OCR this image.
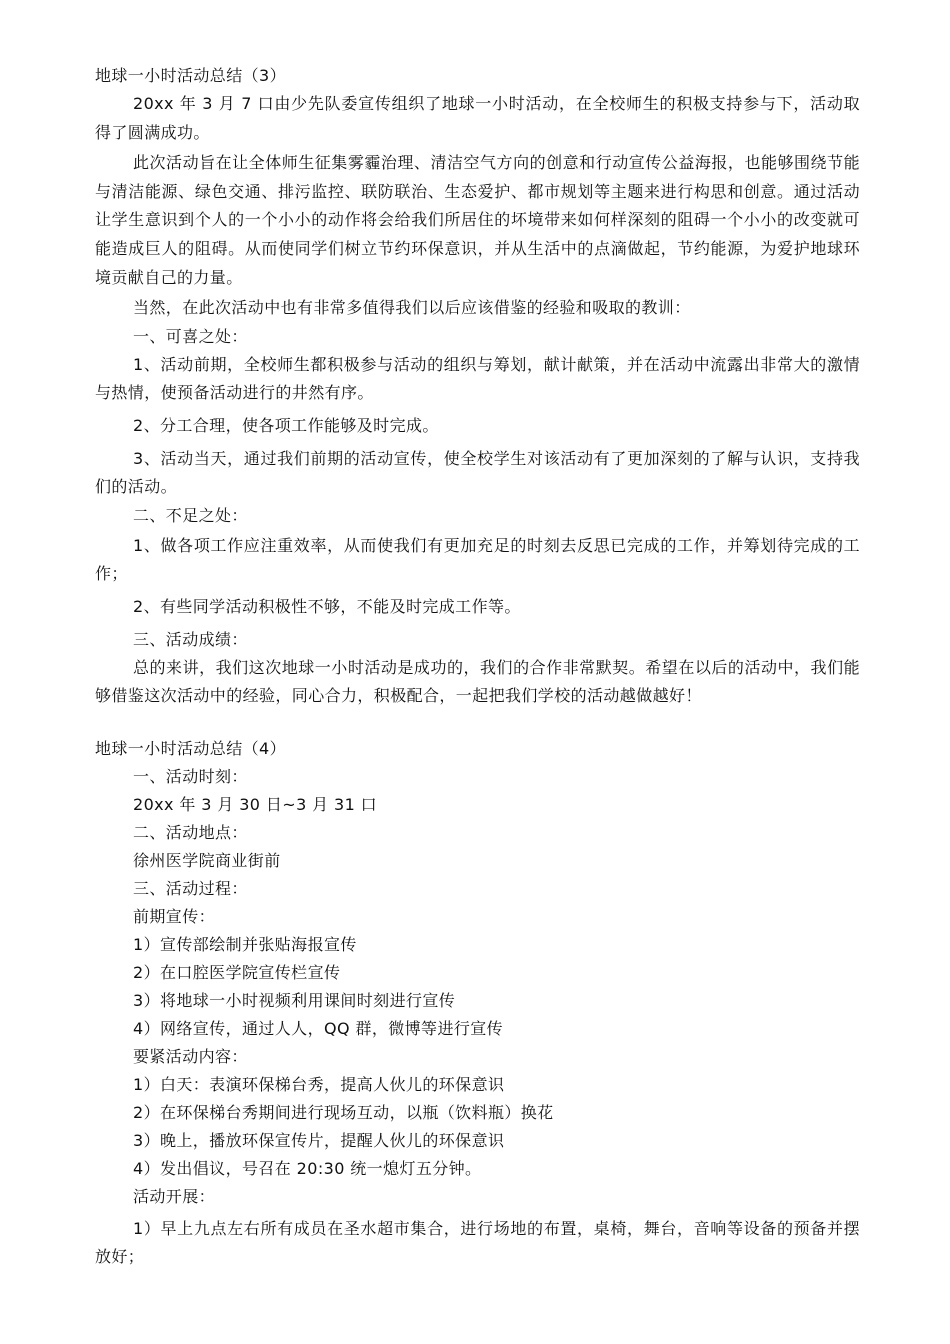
地球一小时活动总结（3）

20xx 年 3 月 7 口由少先队委宣传组织了地球一小时活动，在全校师生的积极支持参与下，活动取得了圆满成功。

此次活动旨在让全体师生征集雾霾治理、清洁空气方向的创意和行动宣传公益海报，也能够围绕节能与清洁能源、绿色交通、排污监控、联防联治、生态爱护、都市规划等主题来进行构思和创意。通过活动让学生意识到个人的一个小小的动作将会给我们所居住的坏境带来如何样深刻的阻碍一个小小的改变就可能造成巨人的阻碍。从而使同学们树立节约环保意识，并从生活中的点滴做起，节约能源，为爱护地球环境贡献自己的力量。

当然，在此次活动中也有非常多值得我们以后应该借鉴的经验和吸取的教训：

一、可喜之处：

1、活动前期，全校师生都积极参与活动的组织与筹划，献计献策，并在活动中流露出非常大的激情与热情，使预备活动进行的井然有序。

2、分工合理，使各项工作能够及时完成。

3、活动当天，通过我们前期的活动宣传，使全校学生对该活动有了更加深刻的了解与认识，支持我们的活动。

二、不足之处：

1、做各项工作应注重效率，从而使我们有更加充足的时刻去反思已完成的工作，并筹划待完成的工作；

2、有些同学活动积极性不够，不能及时完成工作等。

三、活动成绩：

总的来讲，我们这次地球一小时活动是成功的，我们的合作非常默契。希望在以后的活动中，我们能够借鉴这次活动中的经验，同心合力，积极配合，一起把我们学校的活动越做越好！

地球一小时活动总结（4）
一、活动时刻：
20xx 年 3 月 30 日~3 月 31 口
二、活动地点：
徐州医学院商业街前
三、活动过程：
前期宣传：
1）宣传部绘制并张贴海报宣传
2）在口腔医学院宣传栏宣传
3）将地球一小时视频利用课间时刻进行宣传
4）网络宣传，通过人人，QQ 群，微博等进行宣传
要紧活动内容：
1）白天：表演环保梯台秀，提高人伙儿的环保意识
2）在环保梯台秀期间进行现场互动，以瓶（饮料瓶）换花
3）晚上，播放环保宣传片，提醒人伙儿的环保意识
4）发出倡议，号召在 20:30 统一熄灯五分钟。
活动开展：

1）早上九点左右所有成员在圣水超市集合，进行场地的布置，桌椅，舞台，音响等设备的预备并摆放好；
